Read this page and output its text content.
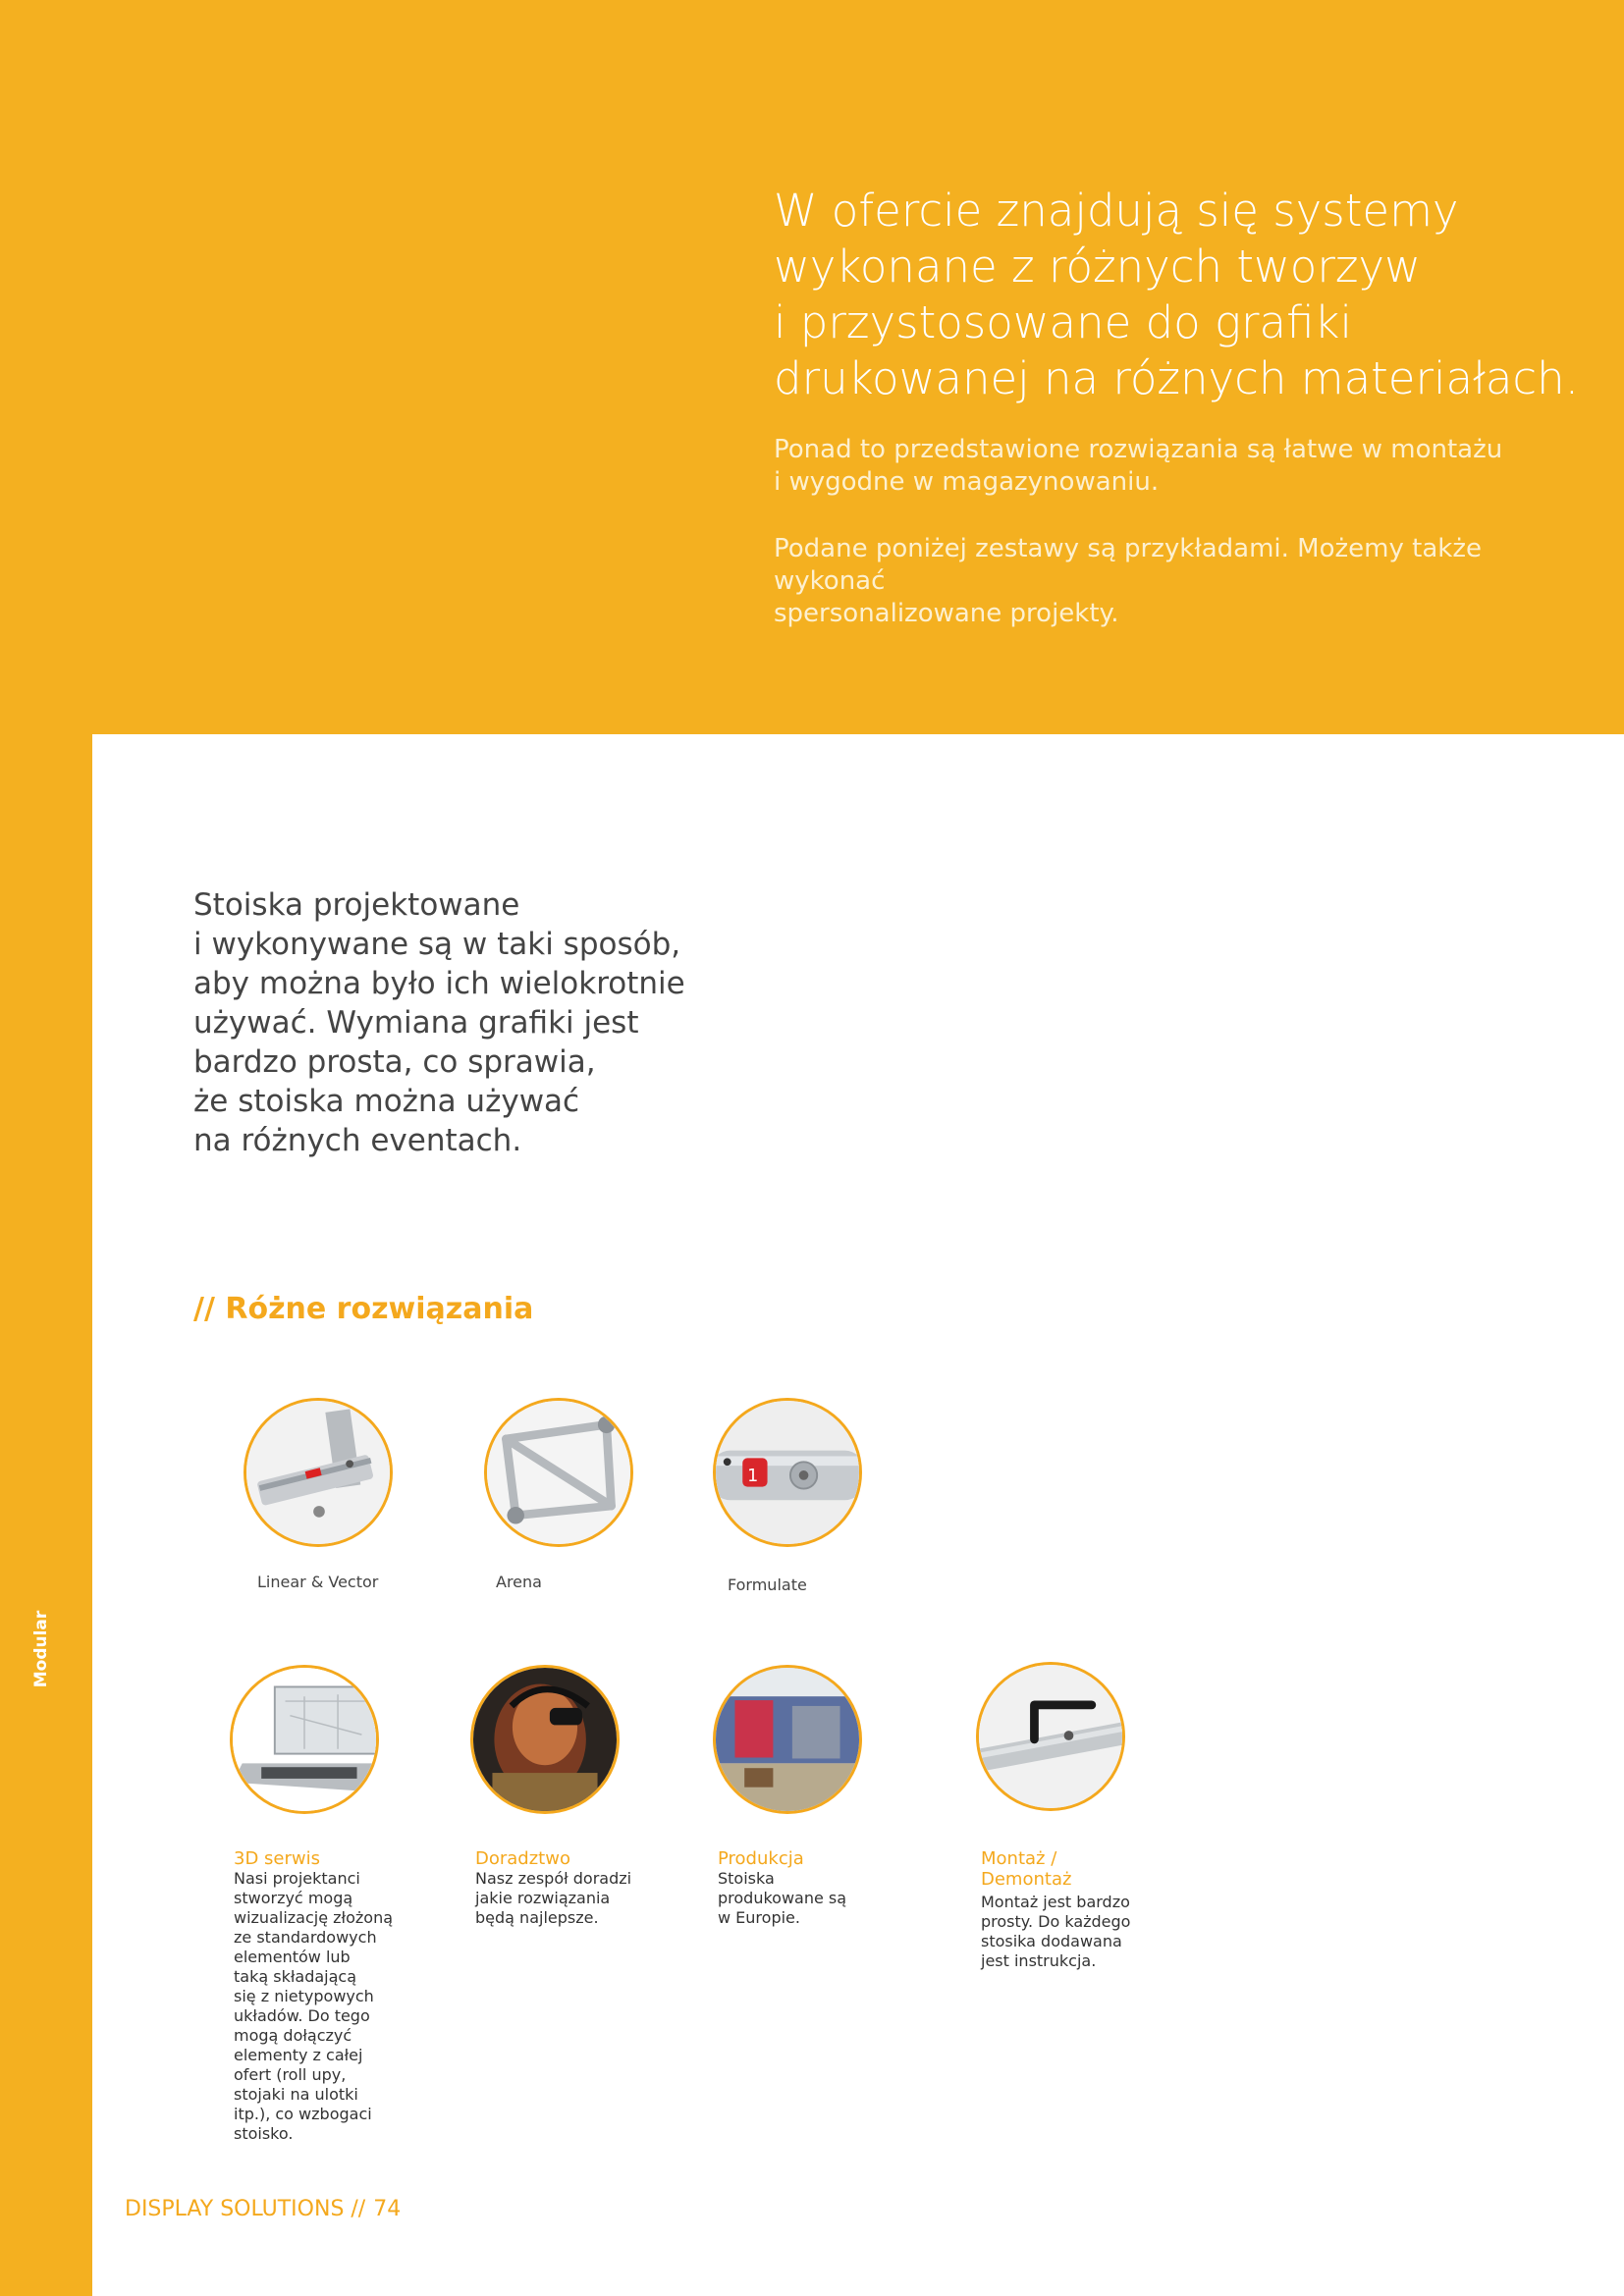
Modular
W ofercie znajdują się systemy
wykonane z różnych tworzyw
i przystosowane do grafiki
drukowanej na różnych materiałach.

Ponad to przedstawione rozwiązania są łatwe w montażu
i wygodne w magazynowaniu.

Podane poniżej zestawy są przykładami. Możemy także wykonać
spersonalizowane projekty.

Stoiska projektowane
i wykonywane są w taki sposób,
aby można było ich wielokrotnie
używać. Wymiana grafiki jest
bardzo prosta, co sprawia,
że stoiska można używać
na różnych eventach.

// Różne rozwiązania
1
Linear & Vector	Arena	Formulate

3D serwis

Nasi projektanci
stworzyć mogą
wizualizację złożoną
ze standardowych
elementów lub
taką składającą
się z nietypowych
układów. Do tego
mogą dołączyć
elementy z całej
ofert (roll upy,
stojaki na ulotki
itp.), co wzbogaci
stoisko.

Doradztwo

Nasz zespół doradzi
jakie rozwiązania
będą najlepsze.

Produkcja

Stoiska
produkowane są
w Europie.

Montaż /
Demontaż

Montaż jest bardzo
prosty. Do każdego
stosika dodawana
jest instrukcja.

DISPLAY SOLUTIONS // 74
